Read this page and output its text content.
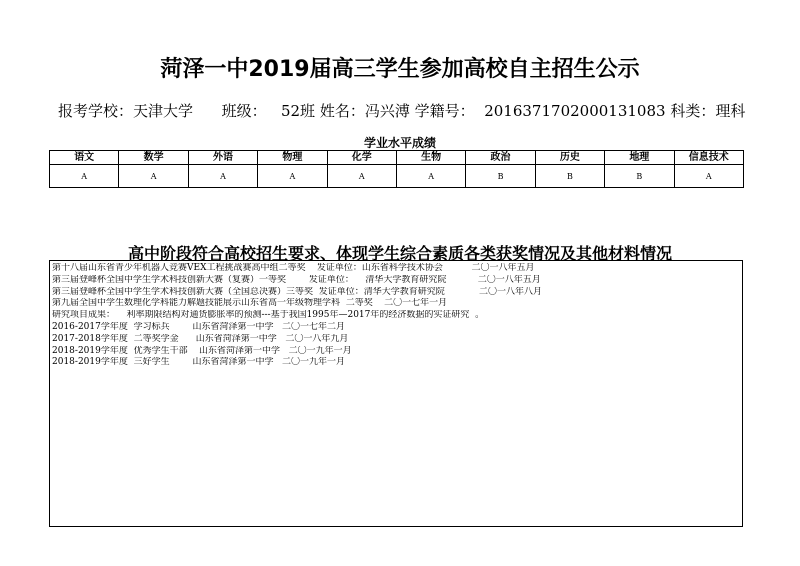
菏泽一中2019届高三学生参加高校自主招生公示
报考学校：天津大学 班级： 52班 姓名：冯兴溥 学籍号： 2016371702000131083 科类：理科
学业水平成绩
语文	数学	外语	物理	化学	生物	政治	历史	地理	信息技术
A	A	A	A	A	A	B	B	B	A
高中阶段符合高校招生要求、体现学生综合素质各类获奖情况及其他材料情况
第十八届山东省青少年机器人竞赛VEX工程挑战赛高中组二等奖    发证单位：山东省科学技术协会          二〇一八年五月
第三届登峰杯全国中学生学术科技创新大赛（复赛）一等奖        发证单位：    清华大学教育研究院           二〇一八年五月
第三届登峰杯全国中学生学术科技创新大赛（全国总决赛）三等奖  发证单位：清华大学教育研究院            二〇一八年八月
第九届全国中学生数理化学科能力解题技能展示山东省高一年级物理学科  二等奖    二〇一七年一月
研究项目成果：    利率期限结构对通货膨胀率的预测---基于我国1995年—2017年的经济数据的实证研究  。
2016-2017学年度  学习标兵        山东省菏泽第一中学   二〇一七年二月
2017-2018学年度  二等奖学金      山东省菏泽第一中学   二〇一八年九月
2018-2019学年度  优秀学生干部    山东省菏泽第一中学   二〇一九年一月
2018-2019学年度  三好学生        山东省菏泽第一中学   二〇一九年一月
